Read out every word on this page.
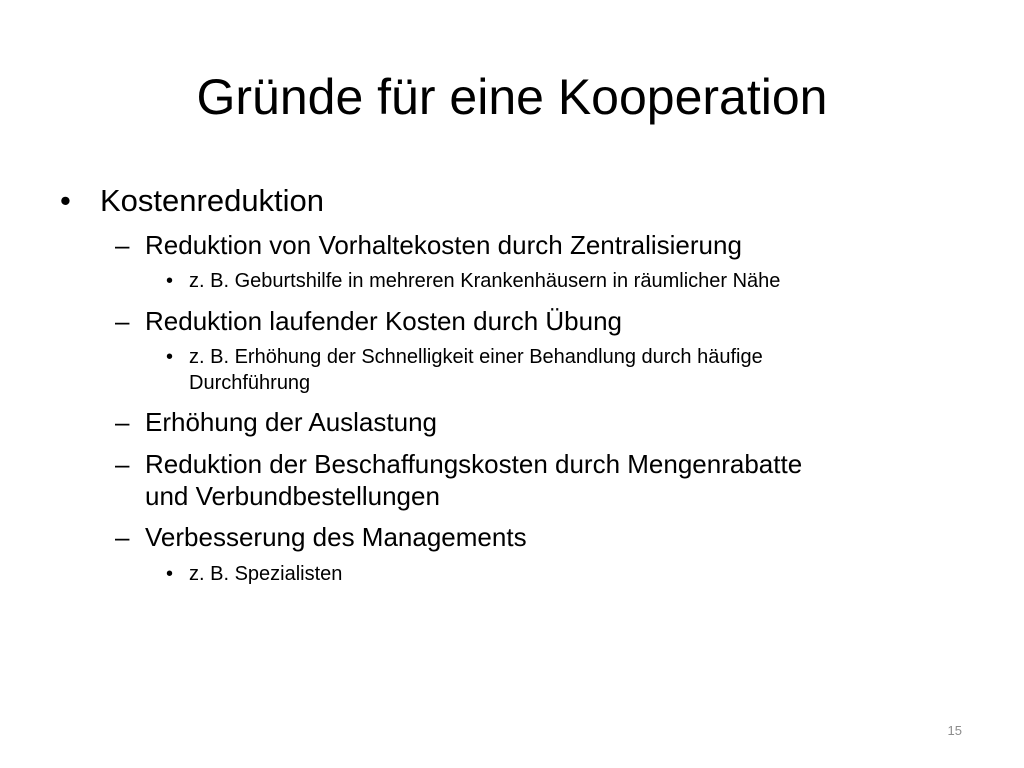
Gründe für eine Kooperation
• Kostenreduktion
– Reduktion von Vorhaltekosten durch Zentralisierung
• z. B. Geburtshilfe in mehreren Krankenhäusern in räumlicher Nähe
– Reduktion laufender Kosten durch Übung
• z. B. Erhöhung der Schnelligkeit einer Behandlung durch häufige
Durchführung
– Erhöhung der Auslastung
– Reduktion der Beschaffungskosten durch Mengenrabatte
und Verbundbestellungen
– Verbesserung des Managements
• z. B. Spezialisten
15
